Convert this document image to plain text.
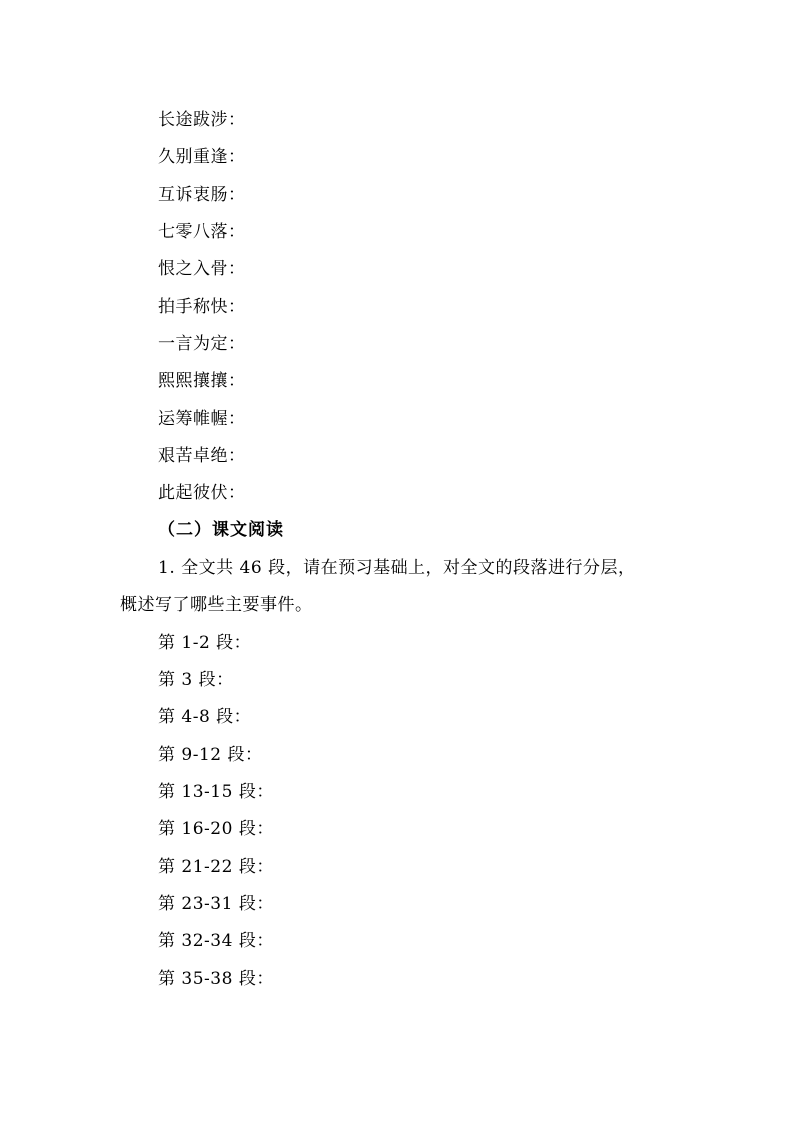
长途跋涉：
久别重逢：
互诉衷肠：
七零八落：
恨之入骨：
拍手称快：
一言为定：
熙熙攘攘：
运筹帷幄：
艰苦卓绝：
此起彼伏：
（二）课文阅读
1. 全文共 46 段，请在预习基础上，对全文的段落进行分层，
概述写了哪些主要事件。
第 1-2 段：
第 3 段：
第 4-8 段：
第 9-12 段：
第 13-15 段：
第 16-20 段：
第 21-22 段：
第 23-31 段：
第 32-34 段：
第 35-38 段：
